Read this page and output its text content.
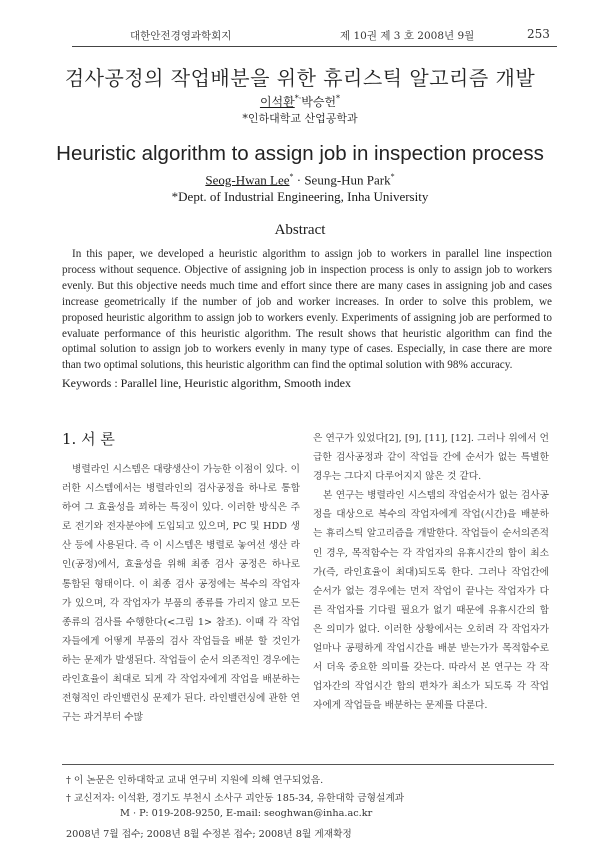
대한안전경영과학회지	제 10권 제 3 호 2008년 9월	253
검사공정의 작업배분을 위한 휴리스틱 알고리즘 개발
이석환*·박승헌*
*인하대학교 산업공학과
Heuristic algorithm to assign job in inspection process
Seog-Hwan Lee* · Seung-Hun Park*
*Dept. of Industrial Engineering, Inha University
Abstract
In this paper, we developed a heuristic algorithm to assign job to workers in parallel line inspection process without sequence. Objective of assigning job in inspection process is only to assign job to workers evenly. But this objective needs much time and effort since there are many cases in assigning job and cases increase geometrically if the number of job and worker increases. In order to solve this problem, we proposed heuristic algorithm to assign job to workers evenly. Experiments of assigning job are performed to evaluate performance of this heuristic algorithm. The result shows that heuristic algorithm can find the optimal solution to assign job to workers evenly in many type of cases. Especially, in case there are more than two optimal solutions, this heuristic algorithm can find the optimal solution with 98% accuracy.
Keywords : Parallel line, Heuristic algorithm, Smooth index
1. 서 론

병렬라인 시스템은 대량생산이 가능한 이점이 있다. 이러한 시스템에서는 병렬라인의 검사공정을 하나로 통합하여 그 효율성을 꾀하는 특징이 있다. 이러한 방식은 주로 전기와 전자분야에 도입되고 있으며, PC 및 HDD 생산 등에 사용된다. 즉 이 시스템은 병렬로 놓여선 생산 라인(공정)에서, 효율성을 위해 최종 검사 공정은 하나로 통합된 형태이다. 이 최종 검사 공정에는 복수의 작업자가 있으며, 각 작업자가 부품의 종류를 가리지 않고 모든 종류의 검사를 수행한다(<그림 1> 참조). 이때 각 작업자들에게 어떻게 부품의 검사 작업들을 배분 할 것인가 하는 문제가 발생된다. 작업들이 순서 의존적인 경우에는 라인효율이 최대로 되게 각 작업자에게 작업을 배분하는 전형적인 라인밸런싱 문제가 된다. 라인밸런싱에 관한 연구는 과거부터 수많

은 연구가 있었다[2], [9], [11], [12]. 그러나 위에서 언급한 검사공정과 같이 작업들 간에 순서가 없는 특별한 경우는 그다지 다루어지지 않은 것 같다.

본 연구는 병렬라인 시스템의 작업순서가 없는 검사공정을 대상으로 복수의 작업자에게 작업(시간)을 배분하는 휴리스틱 알고리즘을 개발한다. 작업들이 순서의존적인 경우, 목적함수는 각 작업자의 유휴시간의 합이 최소가(즉, 라인효율이 최대)되도록 한다. 그러나 작업간에 순서가 없는 경우에는 먼저 작업이 끝나는 작업자가 다른 작업자를 기다릴 필요가 없기 때문에 유휴시간의 합은 의미가 없다. 이러한 상황에서는 오히려 각 작업자가 얼마나 공평하게 작업시간을 배분 받는가가 목적함수로서 더욱 중요한 의미를 갖는다. 따라서 본 연구는 각 작업자간의 작업시간 합의 편차가 최소가 되도록 각 작업자에게 작업들을 배분하는 문제를 다룬다.

† 이 논문은 인하대학교 교내 연구비 지원에 의해 연구되었음.
† 교신저자: 이석환, 경기도 부천시 소사구 괴안동 185-34, 유한대학 금형설계과
M · P: 019-208-9250, E-mail: seoghwan@inha.ac.kr
2008년 7월 접수; 2008년 8월 수정본 접수; 2008년 8월 게재확정
